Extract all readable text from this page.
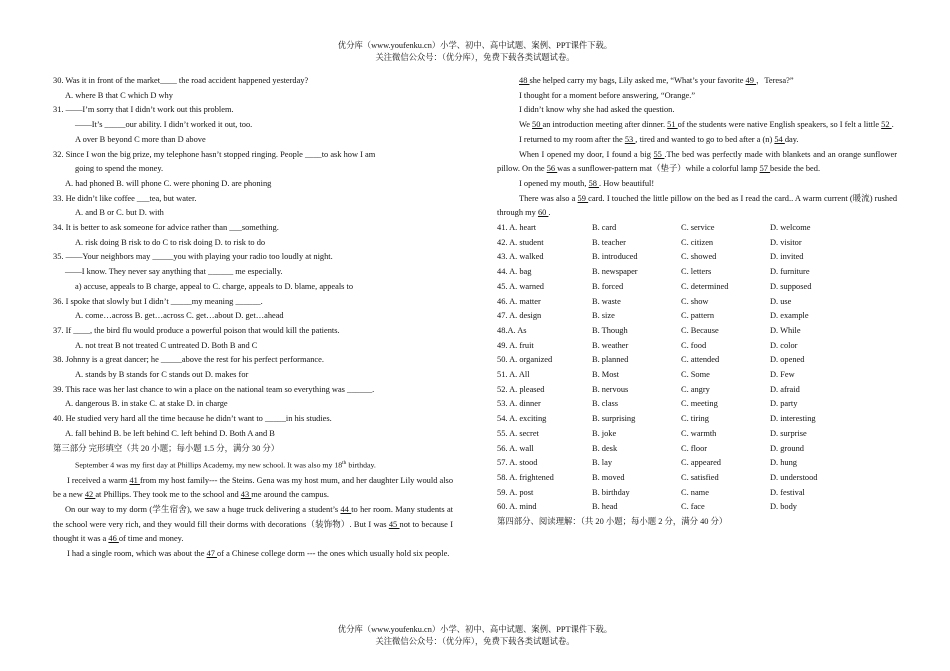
优分库（www.youfenku.cn）小学、初中、高中试题、案例、PPT课件下载。
关注微信公众号：（优分库），免费下载各类试题试卷。
30. Was it in front of the market____ the road accident happened yesterday?
A. where B that C which D why
31. ——I’m sorry that I didn’t work out this problem.
——It’s _____our ability. I didn’t worked it out, too.
A over B beyond C more than D above
32. Since I won the big prize, my telephone hasn’t stopped ringing. People ____to ask how I am
going to spend the money.
A. had phoned B. will phone C. were phoning D. are phoning
33. He didn’t like coffee ___tea, but water.
A. and B or C. but D. with
34. It is better to ask someone for advice rather than ___something.
A. risk doing B risk to do C to risk doing D. to risk to do
35. ——Your neighbors may _____you with playing your radio too loudly at night.
——I know. They never say anything that ______ me especially.
a) accuse, appeals to B charge, appeal to C. charge, appeals to D. blame, appeals to
36. I spoke that slowly but I didn’t _____my meaning ______.
A. come…across B. get…across C. get…about D. get…ahead
37. If ____, the bird flu would produce a powerful poison that would kill the patients.
A. not treat B not treated C untreated D. Both B and C
38. Johnny is a great dancer; he _____above the rest for his perfect performance.
A. stands by B stands for C stands out D. makes for
39. This race was her last chance to win a place on the national team so everything was ______.
A. dangerous B. in stake C. at stake D. in charge
40. He studied very hard all the time because he didn’t want to _____in his studies.
A. fall behind B. be left behind C. left behind D. Both A and B
第三部分 完形填空（共 20 小题；每小题 1.5 分，满分 30 分）
September 4 was my first day at Phillips Academy, my new school. It was also my 18th birthday.
I received a warm 41 from my host family--- the Steins. Gena was my host mum, and her daughter Lily would also be a new 42 at Phillips. They took me to the school and 43 me around the campus.
On our way to my dorm (学生宿舍), we saw a huge truck delivering a student’s 44 to her room. Many students at the school were very rich, and they would fill their dorms with decorations（装饰物）. But I was 45 not to because I thought it was a 46 of time and money.
I had a single room, which was about the 47 of a Chinese college dorm --- the ones which usually hold six people.
48 she helped carry my bags, Lily asked me, “What’s your favorite 49 ，Teresa?”
I thought for a moment before answering, “Orange.”
I didn’t know why she had asked the question.
We 50 an introduction meeting after dinner. 51 of the students were native English speakers, so I felt a little 52 .
I returned to my room after the 53 , tired and wanted to go to bed after a (n) 54 day.
When I opened my door, I found a big 55 .The bed was perfectly made with blankets and an orange sunflower pillow. On the 56 was a sunflower-pattern mat（垫子）while a colorful lamp 57 beside the bed.
I opened my mouth, 58 . How beautiful!
There was also a 59 card. I touched the little pillow on the bed as I read the card.. A warm current (暖流) rushed through my 60 .
41. A. heart	B. card	C. service	D. welcome
42. A. student	B. teacher	C. citizen	D. visitor
43. A. walked	B. introduced	C. showed	D. invited
44. A. bag	B. newspaper	C. letters	D. furniture
45. A. warned	B. forced	C. determined	D. supposed
46. A. matter	B. waste	C. show	D. use
47. A. design	B. size	C. pattern	D. example
48.A. As	B. Though	C. Because	D. While
49. A. fruit	B. weather	C. food	D. color
50. A. organized	B. planned	C. attended	D. opened
51. A. All	B. Most	C. Some	D. Few
52. A. pleased	B. nervous	C. angry	D. afraid
53. A. dinner	B. class	C. meeting	D. party
54. A. exciting	B. surprising	C. tiring	D. interesting
55. A. secret	B. joke	C. warmth	D. surprise
56. A. wall	B. desk	C. floor	D. ground
57. A. stood	B. lay	C. appeared	D. hung
58. A. frightened	B. moved	C. satisfied	D. understood
59. A. post	B. birthday	C. name	D. festival
60. A. mind	B. head	C. face	D. body
第四部分、阅读理解：（共 20 小题；每小题 2 分，满分 40 分）
优分库（www.youfenku.cn）小学、初中、高中试题、案例、PPT课件下载。
关注微信公众号：（优分库），免费下载各类试题试卷。
